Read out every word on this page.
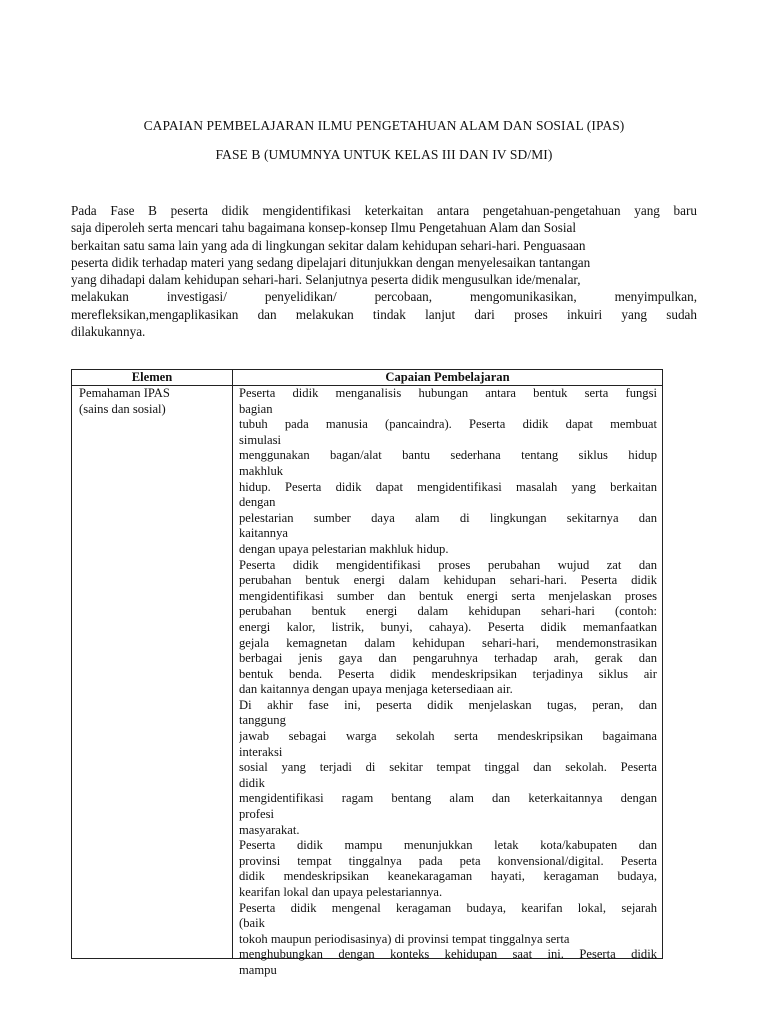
CAPAIAN PEMBELAJARAN ILMU PENGETAHUAN ALAM DAN SOSIAL (IPAS)
FASE B (UMUMNYA UNTUK KELAS III DAN IV SD/MI)
Pada Fase B peserta didik mengidentifikasi keterkaitan antara pengetahuan-pengetahuan yang baru
saja diperoleh serta mencari tahu bagaimana konsep-konsep Ilmu Pengetahuan Alam dan Sosial
berkaitan satu sama lain yang ada di lingkungan sekitar dalam kehidupan sehari-hari. Penguasaan
peserta didik terhadap materi yang sedang dipelajari ditunjukkan dengan menyelesaikan tantangan
yang dihadapi dalam kehidupan sehari-hari. Selanjutnya peserta didik mengusulkan ide/menalar,
melakukan investigasi/ penyelidikan/ percobaan, mengomunikasikan, menyimpulkan,
merefleksikan,mengaplikasikan dan melakukan tindak lanjut dari proses inkuiri yang sudah
dilakukannya.
Elemen	Capaian Pembelajaran
Pemahaman IPAS
(sains dan sosial)
Peserta didik menganalisis hubungan antara bentuk serta fungsi
bagian
tubuh pada manusia (pancaindra). Peserta didik dapat membuat
simulasi
menggunakan bagan/alat bantu sederhana tentang siklus hidup
makhluk
hidup. Peserta didik dapat mengidentifikasi masalah yang berkaitan
dengan
pelestarian sumber daya alam di lingkungan sekitarnya dan
kaitannya
dengan upaya pelestarian makhluk hidup.
Peserta didik mengidentifikasi proses perubahan wujud zat dan
perubahan bentuk energi dalam kehidupan sehari-hari. Peserta didik
mengidentifikasi sumber dan bentuk energi serta menjelaskan proses
perubahan bentuk energi dalam kehidupan sehari-hari (contoh:
energi kalor, listrik, bunyi, cahaya). Peserta didik memanfaatkan
gejala kemagnetan dalam kehidupan sehari-hari, mendemonstrasikan
berbagai jenis gaya dan pengaruhnya terhadap arah, gerak dan
bentuk benda. Peserta didik mendeskripsikan terjadinya siklus air
dan kaitannya dengan upaya menjaga ketersediaan air.
Di akhir fase ini, peserta didik menjelaskan tugas, peran, dan
tanggung
jawab sebagai warga sekolah serta mendeskripsikan bagaimana
interaksi
sosial yang terjadi di sekitar tempat tinggal dan sekolah. Peserta
didik
mengidentifikasi ragam bentang alam dan keterkaitannya dengan
profesi
masyarakat.
Peserta didik mampu menunjukkan letak kota/kabupaten dan
provinsi tempat tinggalnya pada peta konvensional/digital. Peserta
didik mendeskripsikan keanekaragaman hayati, keragaman budaya,
kearifan lokal dan upaya pelestariannya.
Peserta didik mengenal keragaman budaya, kearifan lokal, sejarah
(baik
tokoh maupun periodisasinya) di provinsi tempat tinggalnya serta
menghubungkan dengan konteks kehidupan saat ini. Peserta didik
mampu
